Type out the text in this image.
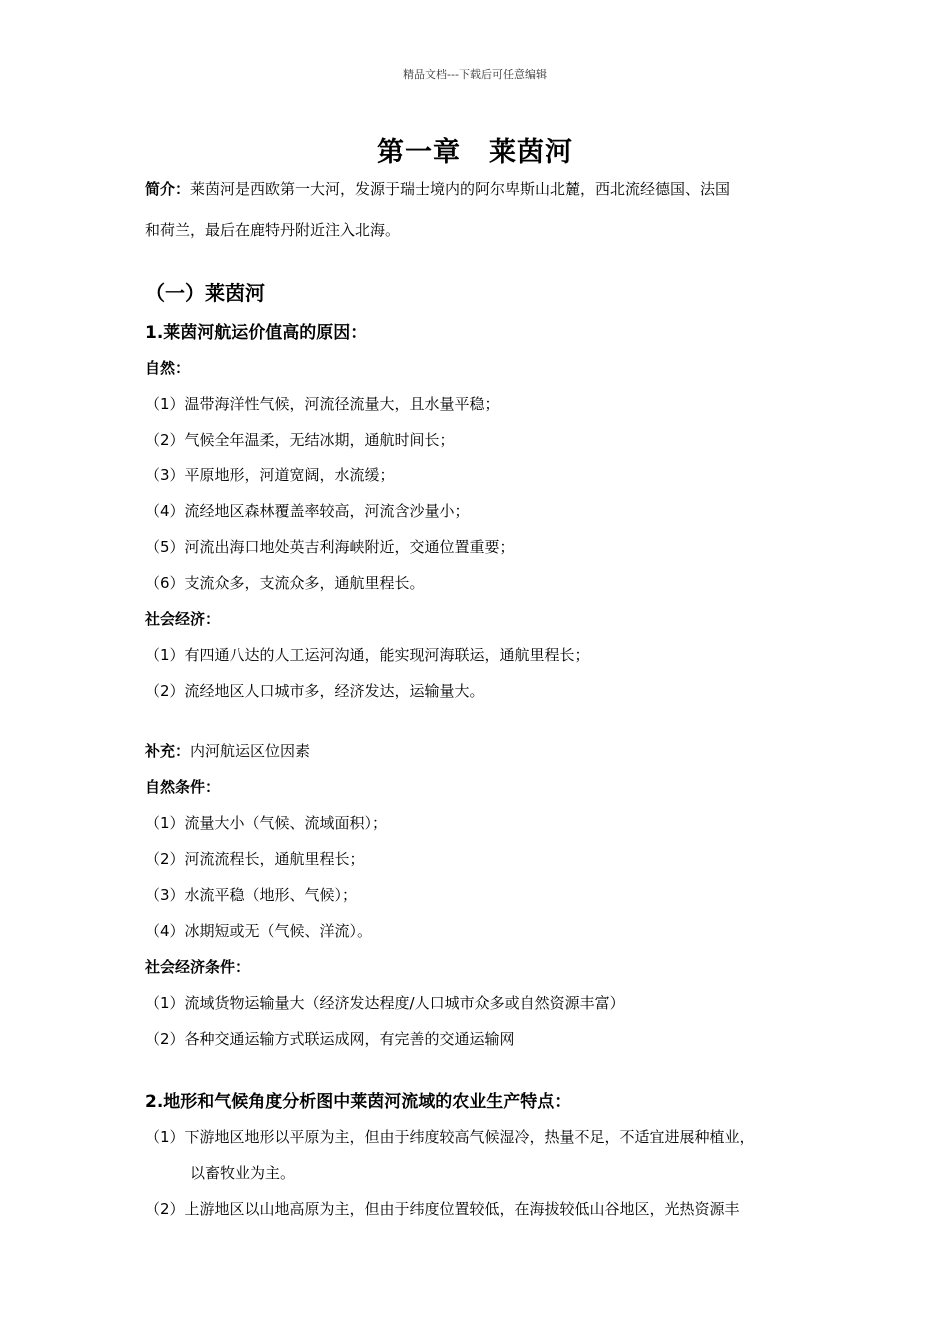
精品文档---下载后可任意编辑
第一章　莱茵河
简介：莱茵河是西欧第一大河，发源于瑞士境内的阿尔卑斯山北麓，西北流经德国、法国
和荷兰，最后在鹿特丹附近注入北海。
（一）莱茵河
1.莱茵河航运价值高的原因：
自然：
（1）温带海洋性气候，河流径流量大，且水量平稳；
（2）气候全年温柔，无结冰期，通航时间长；
（3）平原地形，河道宽阔，水流缓；
（4）流经地区森林覆盖率较高，河流含沙量小；
（5）河流出海口地处英吉利海峡附近，交通位置重要；
（6）支流众多，支流众多，通航里程长。
社会经济：
（1）有四通八达的人工运河沟通，能实现河海联运，通航里程长；
（2）流经地区人口城市多，经济发达，运输量大。
补充：内河航运区位因素
自然条件：
（1）流量大小（气候、流域面积）；
（2）河流流程长，通航里程长；
（3）水流平稳（地形、气候）；
（4）冰期短或无（气候、洋流）。
社会经济条件：
（1）流域货物运输量大（经济发达程度/人口城市众多或自然资源丰富）
（2）各种交通运输方式联运成网，有完善的交通运输网
2.地形和气候角度分析图中莱茵河流域的农业生产特点：
（1）下游地区地形以平原为主，但由于纬度较高气候湿冷，热量不足，不适宜进展种植业，
　　　以畜牧业为主。
（2）上游地区以山地高原为主，但由于纬度位置较低，在海拔较低山谷地区，光热资源丰
